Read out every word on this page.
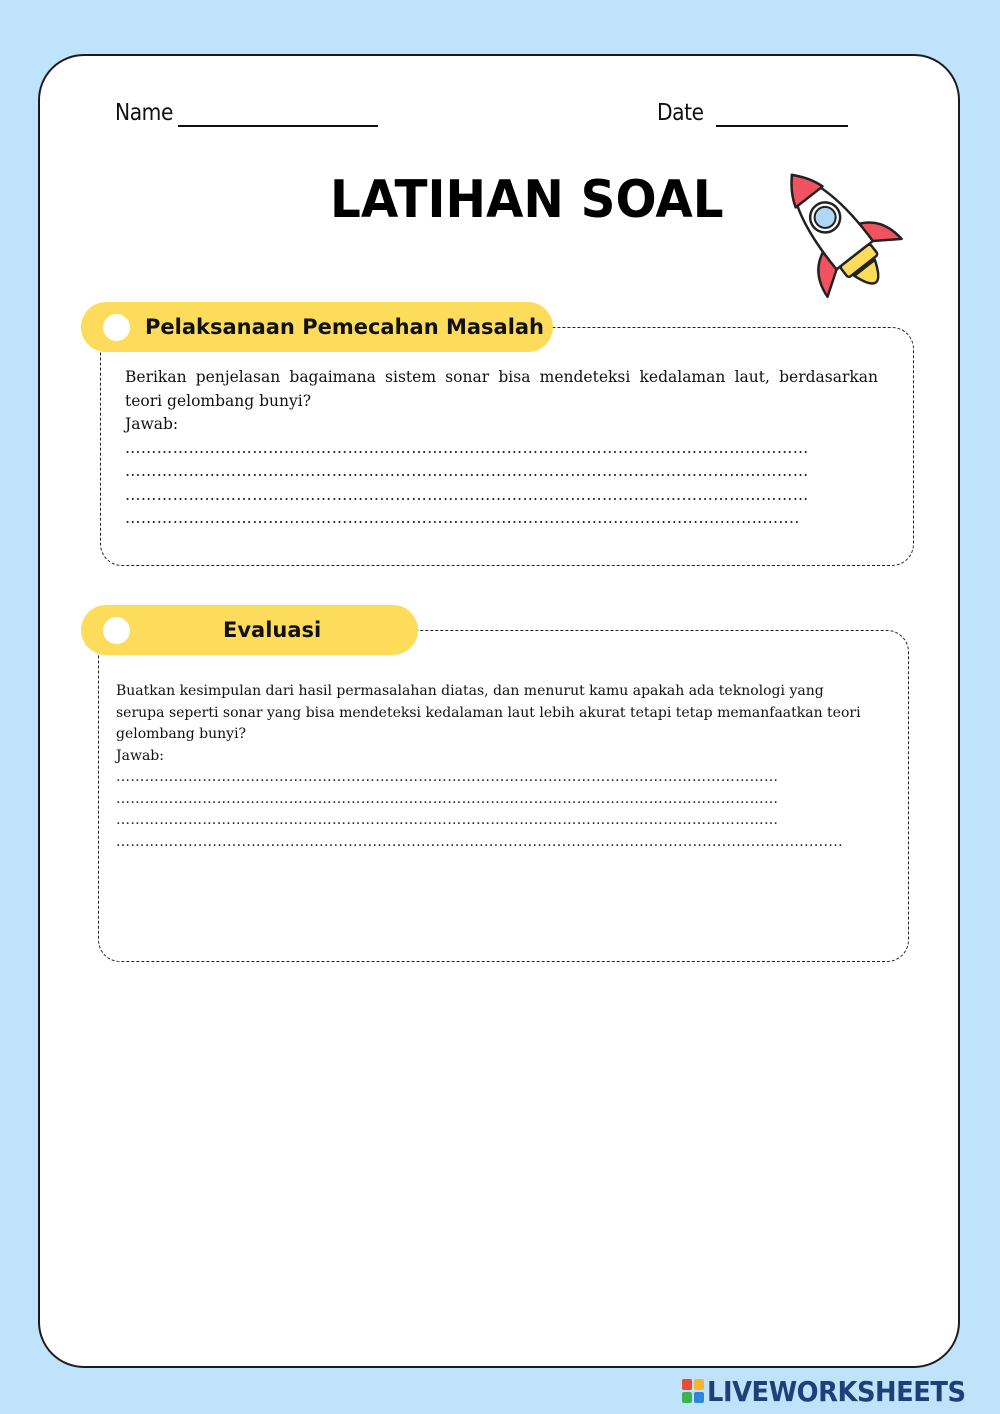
Name	Date
LATIHAN SOAL
Pelaksanaan Pemecahan Masalah
Berikan penjelasan bagaimana sistem sonar bisa mendeteksi kedalaman laut, berdasarkan teori gelombang bunyi?
Jawab:
…………………………………………………………………………………………………………………
…………………………………………………………………………………………………………………
…………………………………………………………………………………………………………………
……………………………………………………………..........................................................
Evaluasi
Buatkan kesimpulan dari hasil permasalahan diatas, dan menurut kamu apakah ada teknologi yang serupa seperti sonar yang bisa mendeteksi kedalaman laut lebih akurat tetapi tetap memanfaatkan teori gelombang bunyi?
Jawab:
…………………………………………………………………………………………………………………………
…………………………………………………………………………………………………………………………
…………………………………………………………………………………………………………………………
…………..........................................................................................................................................
LIVEWORKSHEETS
